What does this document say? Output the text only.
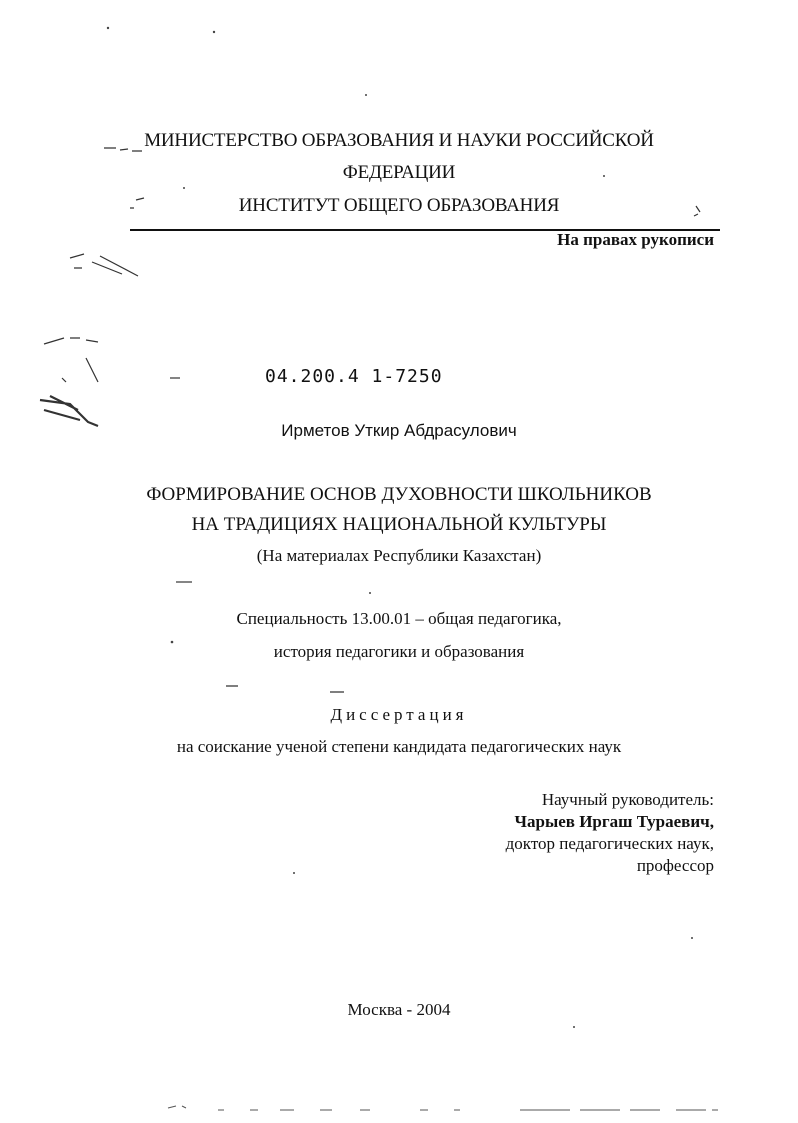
МИНИСТЕРСТВО ОБРАЗОВАНИЯ И НАУКИ РОССИЙСКОЙ
ФЕДЕРАЦИИ
ИНСТИТУТ ОБЩЕГО ОБРАЗОВАНИЯ
На правах рукописи
04.200.4 1-7250
Ирметов Уткир Абдрасулович
ФОРМИРОВАНИЕ ОСНОВ ДУХОВНОСТИ ШКОЛЬНИКОВ
НА ТРАДИЦИЯХ НАЦИОНАЛЬНОЙ КУЛЬТУРЫ
(На материалах Республики Казахстан)
Специальность 13.00.01 – общая педагогика,
история педагогики и образования
Диссертация
на соискание ученой степени кандидата педагогических наук
Научный руководитель:
Чарыев Иргаш Тураевич,
доктор педагогических наук,
профессор
Москва - 2004
